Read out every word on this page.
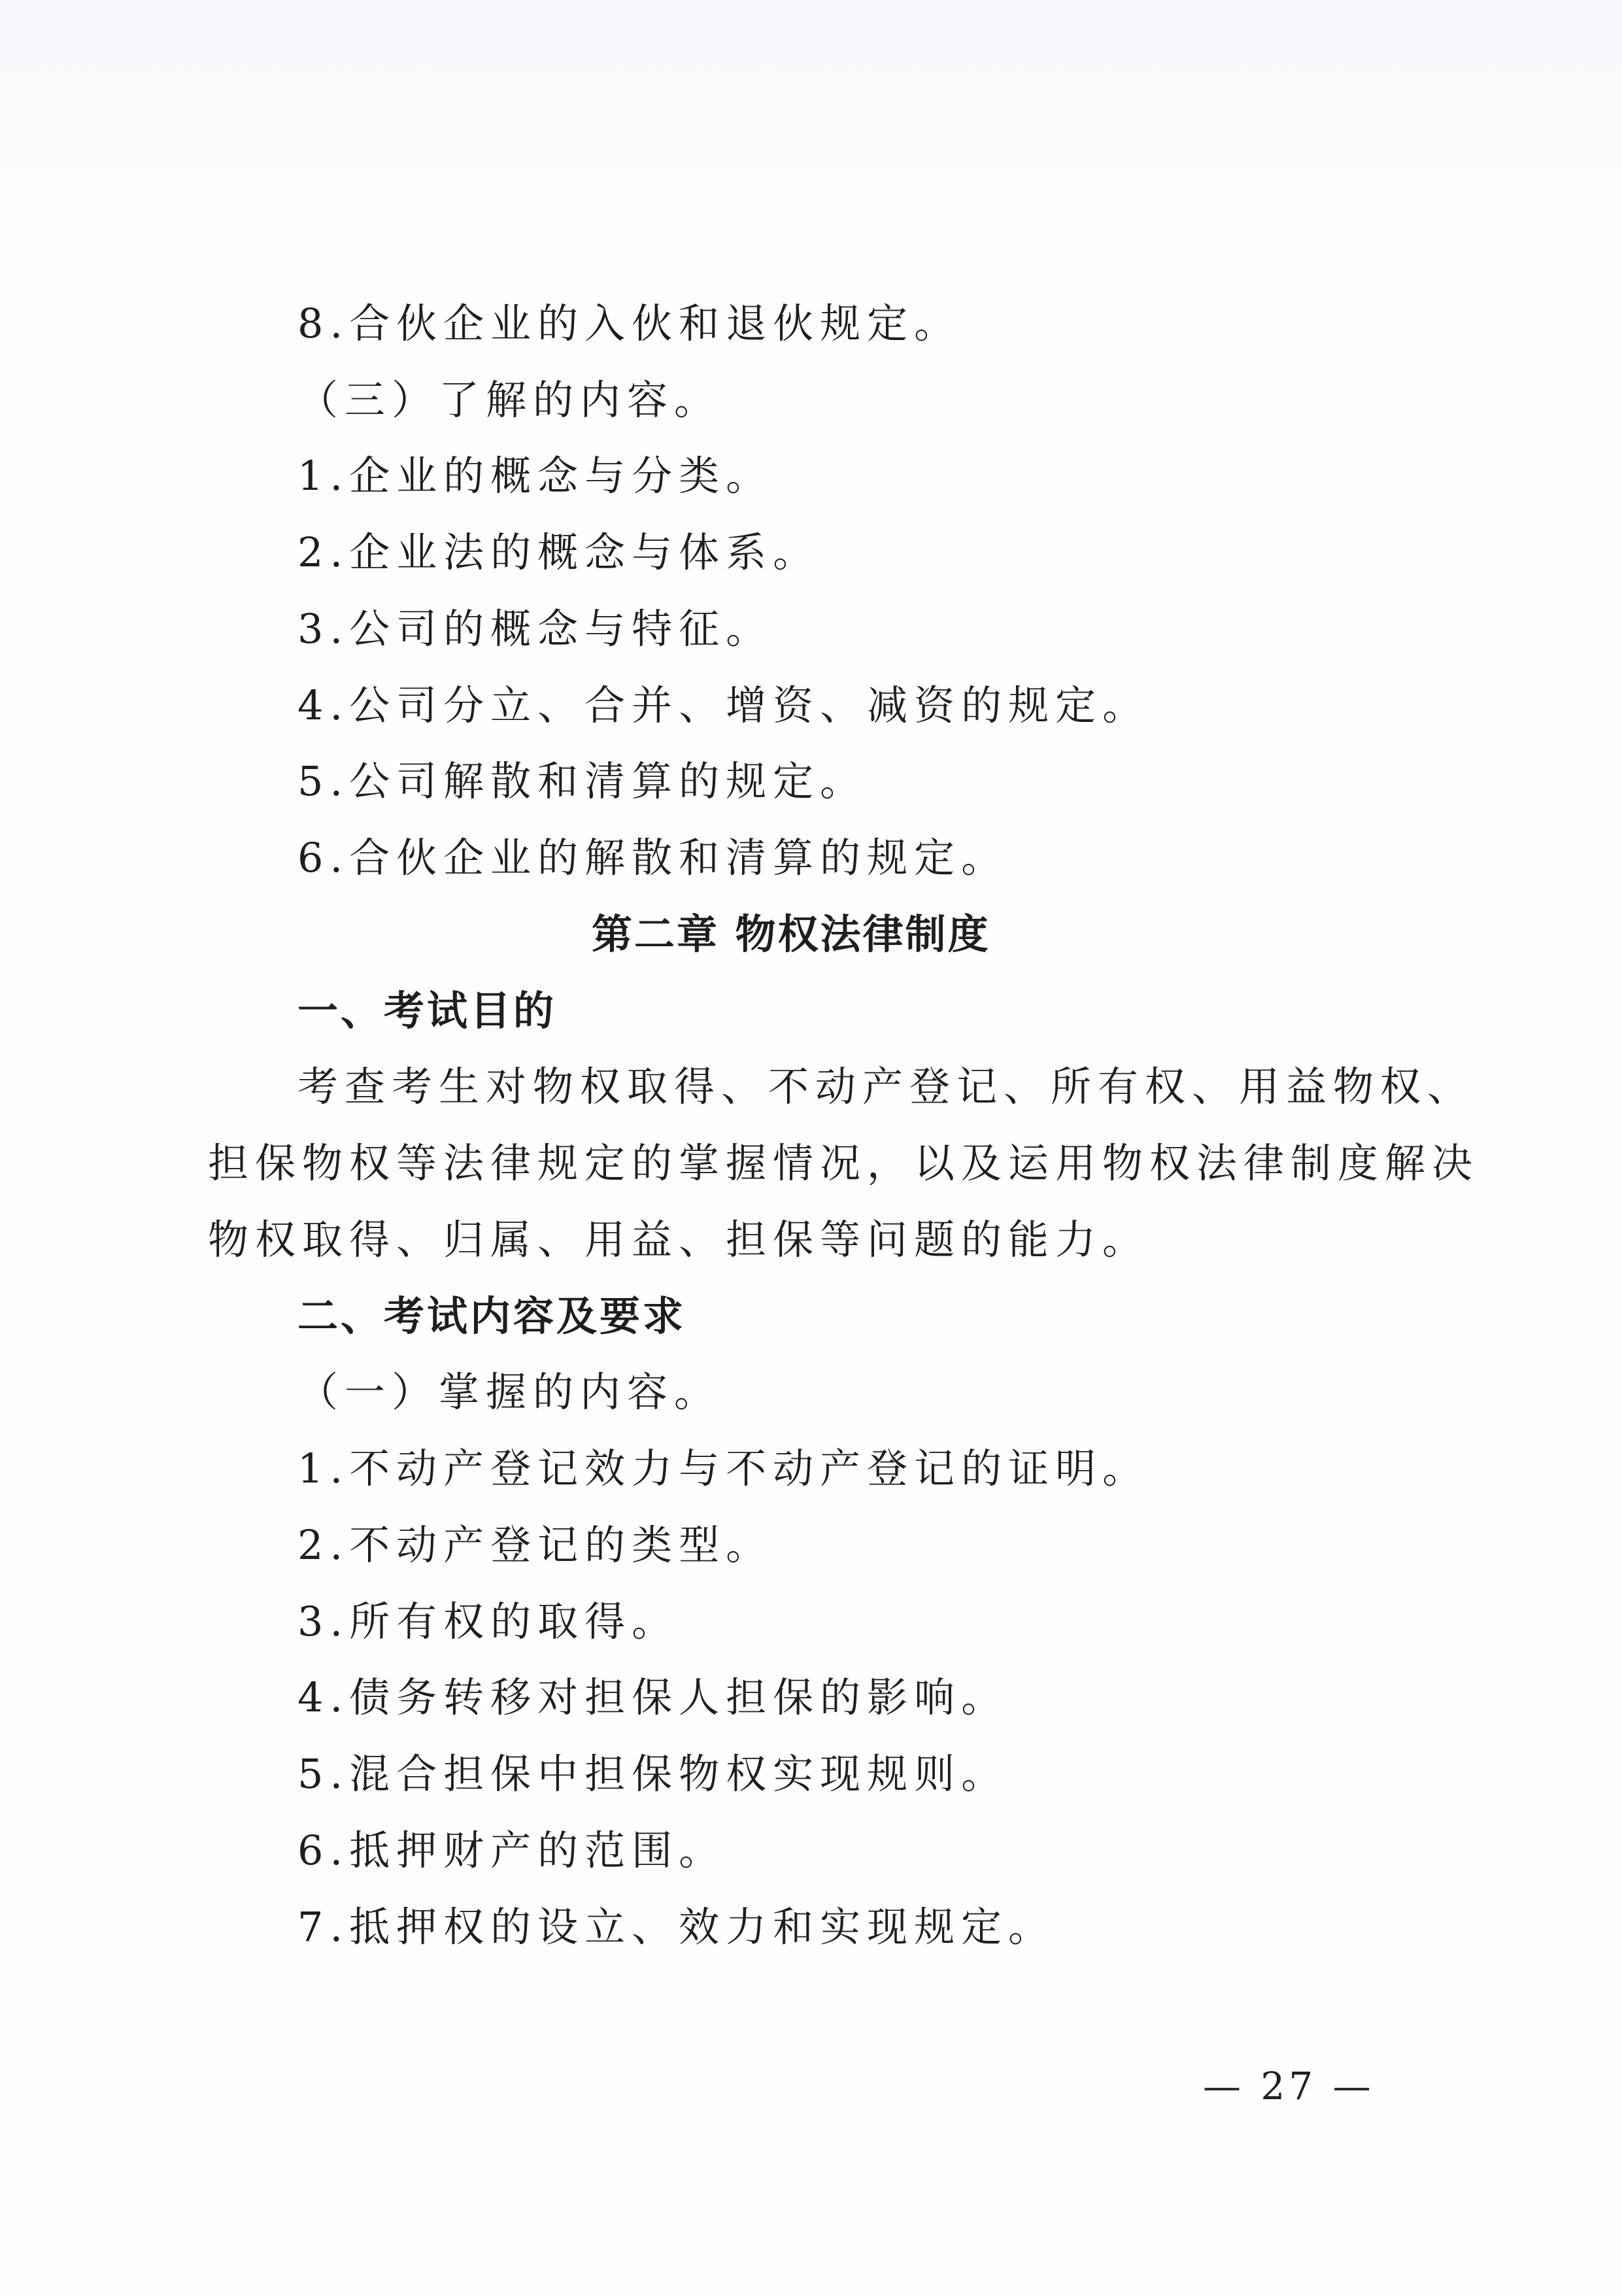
8.合伙企业的入伙和退伙规定。
（三）了解的内容。
1.企业的概念与分类。
2.企业法的概念与体系。
3.公司的概念与特征。
4.公司分立、合并、增资、减资的规定。
5.公司解散和清算的规定。
6.合伙企业的解散和清算的规定。
第二章 物权法律制度
一、考试目的
考查考生对物权取得、不动产登记、所有权、用益物权、
担保物权等法律规定的掌握情况，以及运用物权法律制度解决
物权取得、归属、用益、担保等问题的能力。
二、考试内容及要求
（一）掌握的内容。
1.不动产登记效力与不动产登记的证明。
2.不动产登记的类型。
3.所有权的取得。
4.债务转移对担保人担保的影响。
5.混合担保中担保物权实现规则。
6.抵押财产的范围。
7.抵押权的设立、效力和实现规定。
— 27 —
